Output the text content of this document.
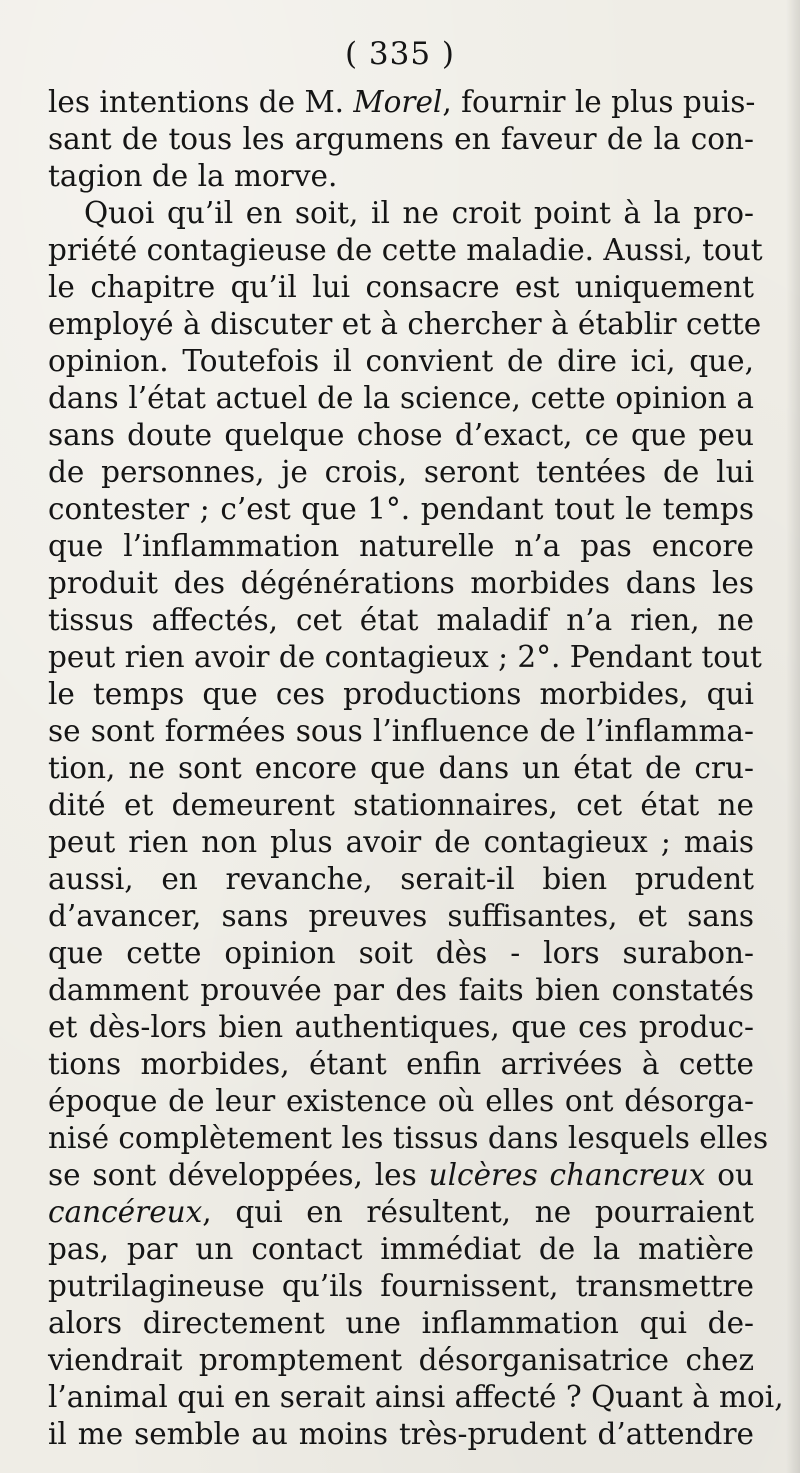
( 335 )
les intentions de M. Morel, fournir le plus puis-
sant de tous les argumens en faveur de la con-
tagion de la morve.
Quoi qu’il en soit, il ne croit point à la pro-
priété contagieuse de cette maladie. Aussi, tout
le chapitre qu’il lui consacre est uniquement
employé à discuter et à chercher à établir cette
opinion. Toutefois il convient de dire ici, que,
dans l’état actuel de la science, cette opinion a
sans doute quelque chose d’exact, ce que peu
de personnes, je crois, seront tentées de lui
contester ; c’est que 1°. pendant tout le temps
que l’inflammation naturelle n’a pas encore
produit des dégénérations morbides dans les
tissus affectés, cet état maladif n’a rien, ne
peut rien avoir de contagieux ; 2°. Pendant tout
le temps que ces productions morbides, qui
se sont formées sous l’influence de l’inflamma-
tion, ne sont encore que dans un état de cru-
dité et demeurent stationnaires, cet état ne
peut rien non plus avoir de contagieux ; mais
aussi, en revanche, serait-il bien prudent
d’avancer, sans preuves suffisantes, et sans
que cette opinion soit dès - lors surabon-
damment prouvée par des faits bien constatés
et dès-lors bien authentiques, que ces produc-
tions morbides, étant enfin arrivées à cette
époque de leur existence où elles ont désorga-
nisé complètement les tissus dans lesquels elles
se sont développées, les ulcères chancreux ou
cancéreux, qui en résultent, ne pourraient
pas, par un contact immédiat de la matière
putrilagineuse qu’ils fournissent, transmettre
alors directement une inflammation qui de-
viendrait promptement désorganisatrice chez
l’animal qui en serait ainsi affecté ? Quant à moi,
il me semble au moins très-prudent d’attendre
